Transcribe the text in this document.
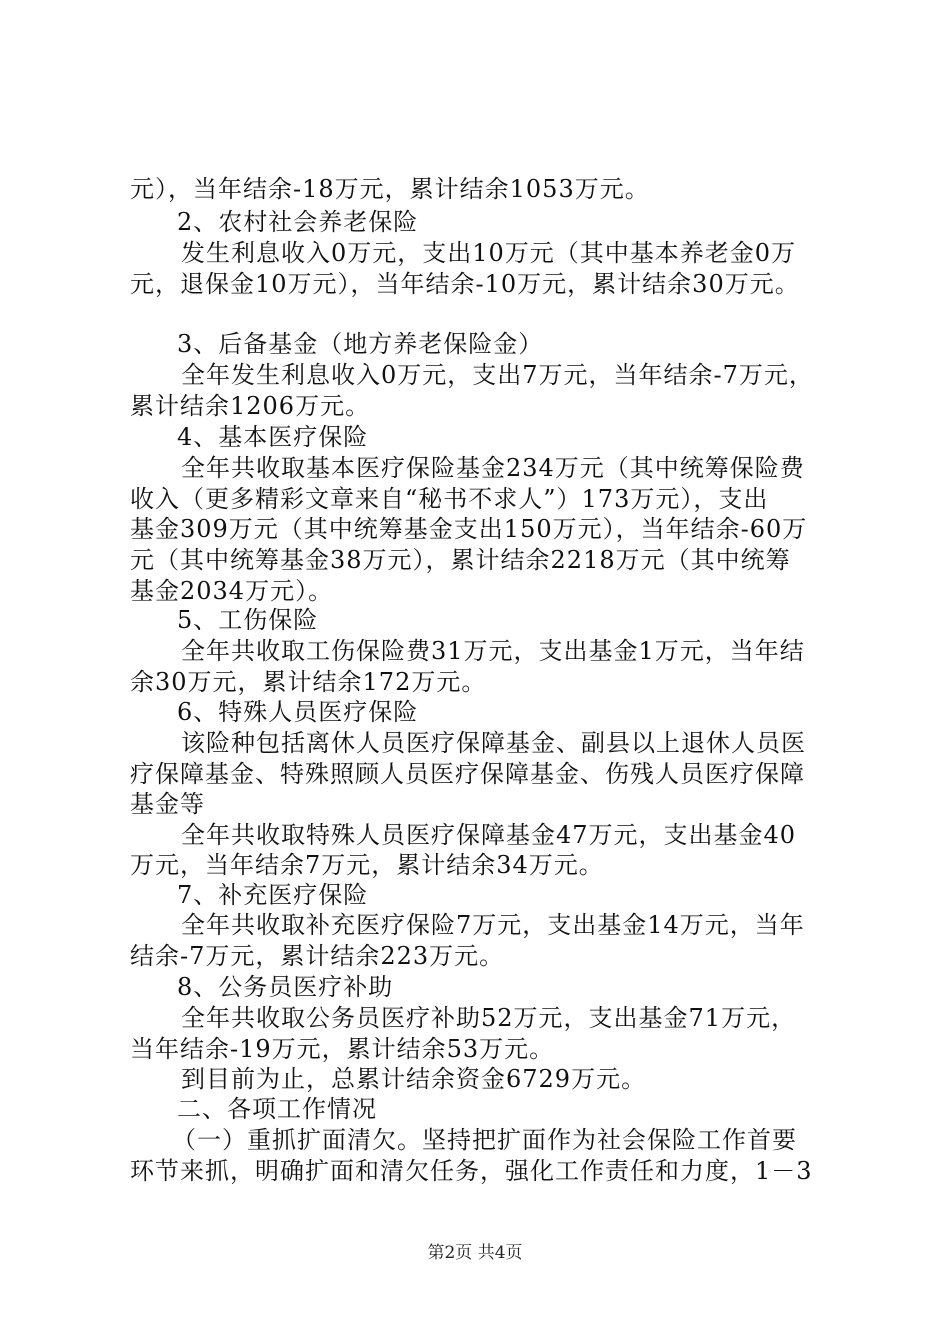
元），当年结余-18万元，累计结余1053万元。
2、农村社会养老保险
发生利息收入0万元，支出10万元（其中基本养老金0万
元，退保金10万元），当年结余-10万元，累计结余30万元。
3、后备基金（地方养老保险金）
全年发生利息收入0万元，支出7万元，当年结余-7万元，
累计结余1206万元。
4、基本医疗保险
全年共收取基本医疗保险基金234万元（其中统筹保险费
收入（更多精彩文章来自“秘书不求人”）173万元），支出
基金309万元（其中统筹基金支出150万元），当年结余-60万
元（其中统筹基金38万元），累计结余2218万元（其中统筹
基金2034万元）。
5、工伤保险
全年共收取工伤保险费31万元，支出基金1万元，当年结
余30万元，累计结余172万元。
6、特殊人员医疗保险
该险种包括离休人员医疗保障基金、副县以上退休人员医
疗保障基金、特殊照顾人员医疗保障基金、伤残人员医疗保障
基金等
全年共收取特殊人员医疗保障基金47万元，支出基金40
万元，当年结余7万元，累计结余34万元。
7、补充医疗保险
全年共收取补充医疗保险7万元，支出基金14万元，当年
结余-7万元，累计结余223万元。
8、公务员医疗补助
全年共收取公务员医疗补助52万元，支出基金71万元，
当年结余-19万元，累计结余53万元。
到目前为止，总累计结余资金6729万元。
二、各项工作情况
（一）重抓扩面清欠。坚持把扩面作为社会保险工作首要
环节来抓，明确扩面和清欠任务，强化工作责任和力度，1－3
第2页 共4页
